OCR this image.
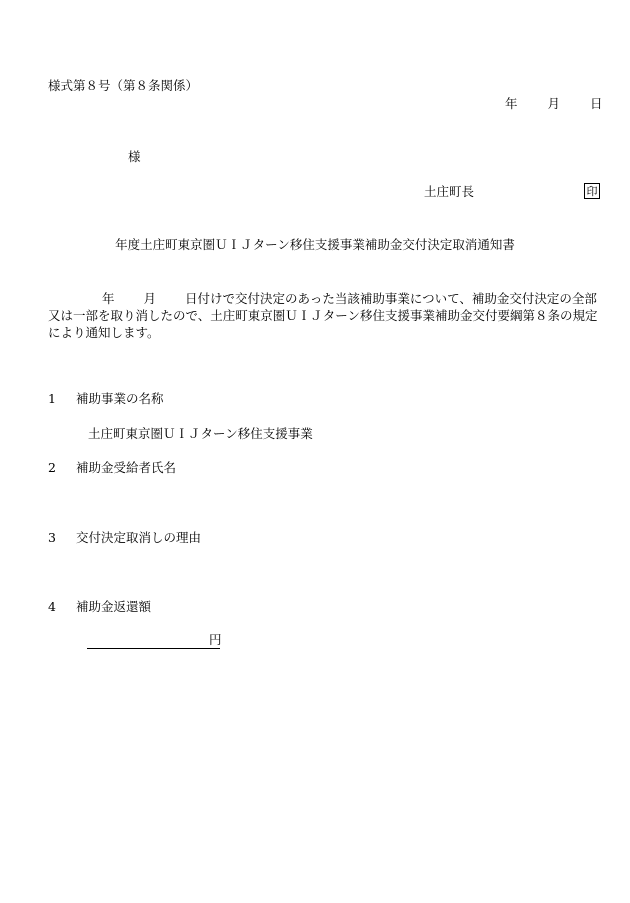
様式第８号（第８条関係）
年 月 日
様
土庄町長	印
年度土庄町東京圏ＵＩＪターン移住支援事業補助金交付決定取消通知書
年 月 日付けで交付決定のあった当該補助事業について、補助金交付決定の全部又は一部を取り消したので、土庄町東京圏ＵＩＪターン移住支援事業補助金交付要綱第８条の規定により通知します。
1 補助事業の名称
土庄町東京圏ＵＩＪターン移住支援事業
2 補助金受給者氏名
3 交付決定取消しの理由
4 補助金返還額
円
